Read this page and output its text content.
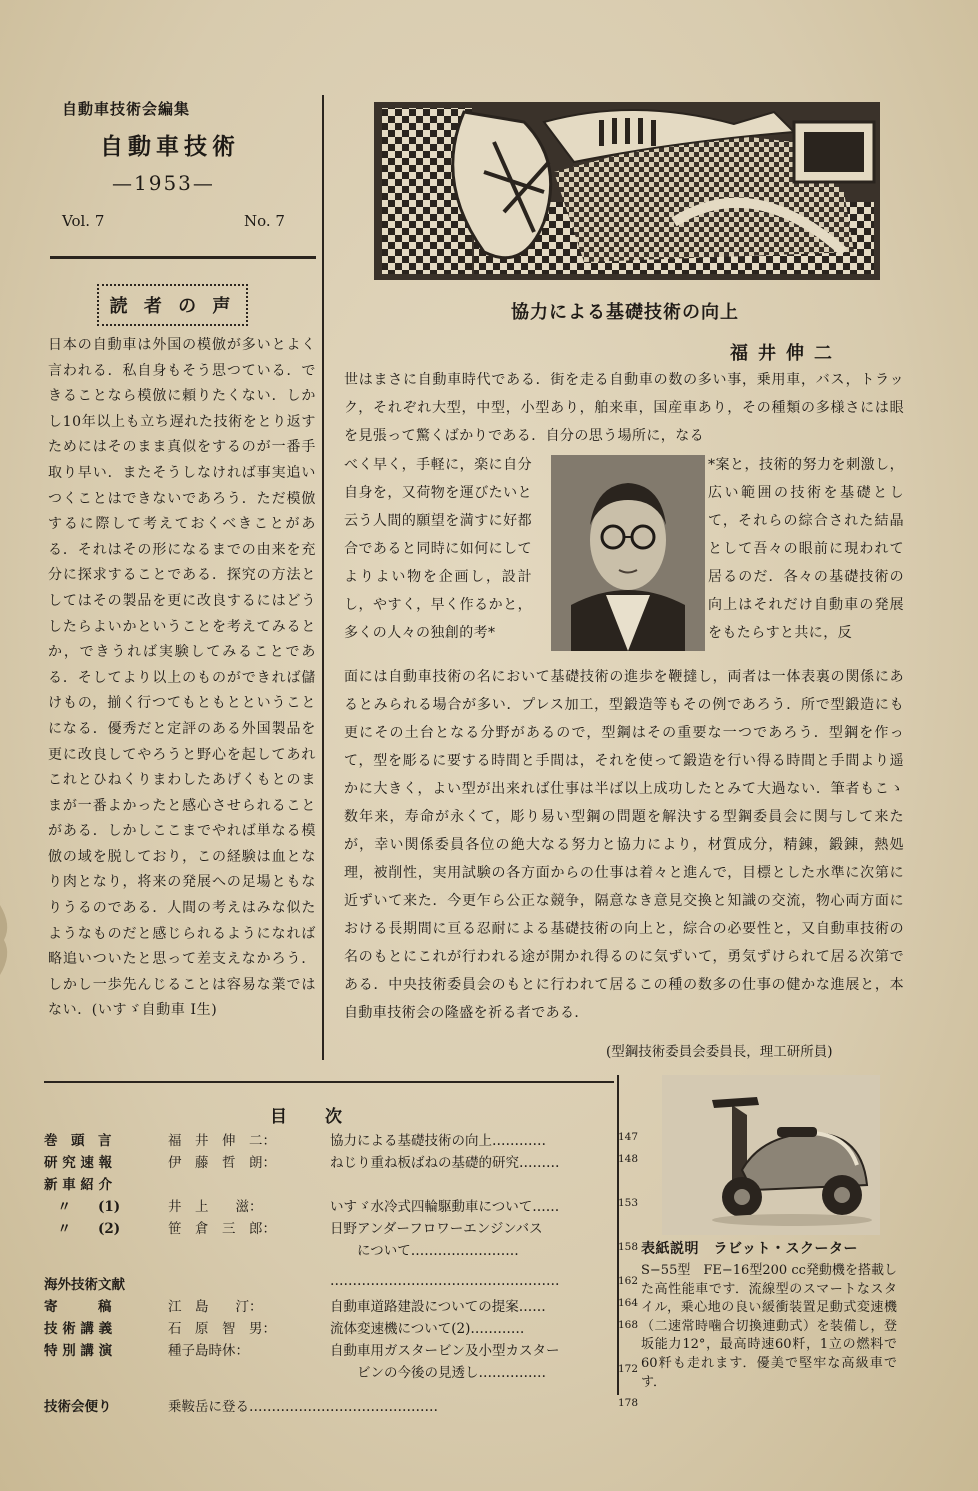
自動車技術会編集
自動車技術
—1953—
Vol. 7	No. 7
読 者 の 声
日本の自動車は外国の模倣が多いとよく言われる．私自身もそう思つている．できることなら模倣に頼りたくない．しかし10年以上も立ち遅れた技術をとり返すためにはそのまま真似をするのが一番手取り早い．またそうしなければ事実追いつくことはできないであろう．ただ模倣するに際して考えておくべきことがある．それはその形になるまでの由来を充分に探求することである．探究の方法としてはその製品を更に改良するにはどうしたらよいかということを考えてみるとか，できうれば実験してみることである．そしてより以上のものができれば儲けもの，揃く行つてもともとということになる．優秀だと定評のある外国製品を更に改良してやろうと野心を起してあれこれとひねくりまわしたあげくもとのままが一番よかったと感心させられることがある．しかしここまでやれば単なる模倣の域を脱しており，この経験は血となり肉となり，将来の発展への足場ともなりうるのである．人間の考えはみな似たようなものだと感じられるようになれば略追いついたと思って差支えなかろう．しかし一歩先んじることは容易な業ではない．(いすゞ自動車 I生)
協力による基礎技術の向上
福井伸二
世はまさに自動車時代である．街を走る自動車の数の多い事，乗用車，バス，トラック，それぞれ大型，中型，小型あり，舶来車，国産車あり，その種類の多様さには眼を見張って驚くばかりである．自分の思う場所に，なる
べく早く，手軽に，楽に自分自身を，又荷物を運びたいと云う人間的願望を満すに好都合であると同時に如何にしてよりよい物を企画し，設計し，やすく，早く作るかと，多くの人々の独創的考*
*案と，技術的努力を刺激し，広い範囲の技術を基礎として，それらの綜合された結晶として吾々の眼前に現われて居るのだ．各々の基礎技術の向上はそれだけ自動車の発展をもたらすと共に，反
面には自動車技術の名において基礎技術の進歩を鞭撻し，両者は一体表裏の関係にあるとみられる場合が多い．プレス加工，型鍛造等もその例であろう．所で型鍛造にも更にその土台となる分野があるので，型鋼はその重要な一つであろう．型鋼を作って，型を彫るに要する時間と手間は，それを使って鍛造を行い得る時間と手間より遥かに大きく，よい型が出来れば仕事は半ば以上成功したとみて大過ない．筆者もこゝ数年来，寿命が永くて，彫り易い型鋼の問題を解決する型鋼委員会に関与して来たが，幸い関係委員各位の絶大なる努力と協力により，材質成分，精錬，鍛錬，熱処理，被削性，実用試験の各方面からの仕事は着々と進んで，目標とした水準に次第に近ずいて来た．今更乍ら公正な競争，隔意なき意見交換と知識の交流，物心両方面における長期間に亘る忍耐による基礎技術の向上と，綜合の必要性と，又自動車技術の名のもとにこれが行われる途が開かれ得るのに気ずいて，勇気ずけられて居る次第である．中央技術委員会のもとに行われて居るこの種の数多の仕事の健かな進展と，本自動車技術会の隆盛を祈る者である．
(型鋼技術委員会委員長，理工研所員)
目次
巻　頭　言	福　井　伸　二：	協力による基礎技術の向上…………	147
研 究 速 報	伊　藤　哲　朗：	ねじり重ね板ばねの基礎的研究………	148
新 車 紹 介
　〃　　(1)	井　上　　滋：	いすゞ水冷式四輪駆動車について……	153
　〃　　(2)	笹　倉　三　郎：	日野アンダーフロワーエンジンバス
　　について……………………	158
海外技術文献	……………………………………………	162
寄　　　稿	江　島　　汀：	自動車道路建設についての提案……	164
技 術 講 義	石　原　智　男：	流体変速機について(2)…………	168
特 別 講 演	種子島時休：	自動車用ガスタービン及小型カスター
　　ビンの今後の見透し……………	172
技術会便り	乗鞍岳に登る……………………………………	178
表紙説明　ラビット・スクーター
S−55型　FE−16型200 cc発動機を搭載した高性能車です．流線型のスマートなスタイル，乗心地の良い緩衝装置足動式変速機（二速常時噛合切換連動式）を装備し，登坂能力12°，最高時速60粁，1立の燃料で60粁も走れます．優美で堅牢な高級車です．
